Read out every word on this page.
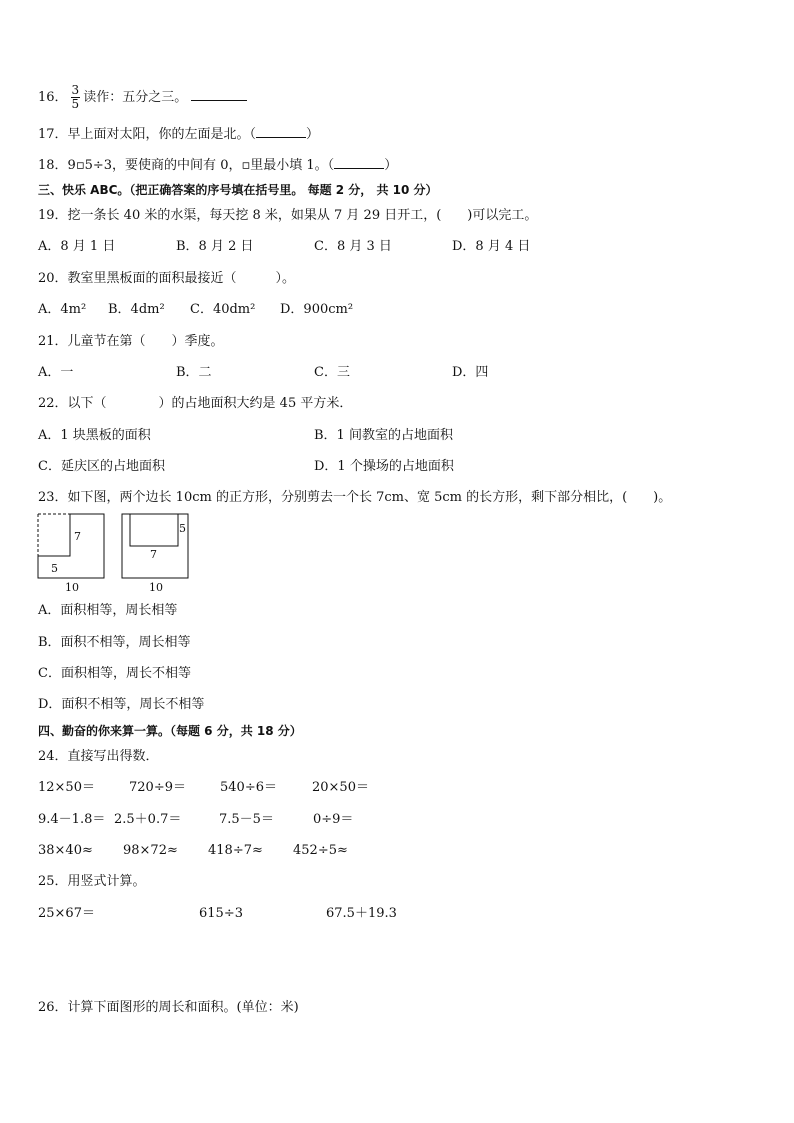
16． $\frac{3}{5}$ 读作：五分之三。
17．早上面对太阳，你的左面是北。（	）
18．9▫5÷3，要使商的中间有 0，▫里最小填 1。（	）
三、快乐 ABC。（把正确答案的序号填在括号里。 每题 2 分， 共 10 分）
19．挖一条长 40 米的水渠，每天挖 8 米，如果从 7 月 29 日开工，(　　)可以完工。
A．8 月 1 日	B．8 月 2 日	C．8 月 3 日	D．8 月 4 日
20．教室里黑板面的面积最接近（　　　）。
A．4m² B．4dm² C．40dm² D．900cm²
21．儿童节在第（　　）季度。
A．一	B．二	C．三	D．四
22．以下（　　　　）的占地面积大约是 45 平方米．
A．1 块黑板的面积	B．1 间教室的占地面积
C．延庆区的占地面积	D．1 个操场的占地面积
23．如下图，两个边长 10cm 的正方形，分别剪去一个长 7cm、宽 5cm 的长方形，剩下部分相比，(　　)。
7
5
10
5
7
10
A．面积相等，周长相等
B．面积不相等，周长相等
C．面积相等，周长不相等
D．面积不相等，周长不相等
四、勤奋的你来算一算。（每题 6 分，共 18 分）
24．直接写出得数．
12×50＝	720÷9＝	540÷6＝	20×50＝
9.4－1.8＝ 2.5＋0.7＝	7.5－5＝	0÷9＝
38×40≈ 98×72≈ 418÷7≈ 452÷5≈
25．用竖式计算。
25×67＝	615÷3	67.5＋19.3
26．计算下面图形的周长和面积。(单位：米)
